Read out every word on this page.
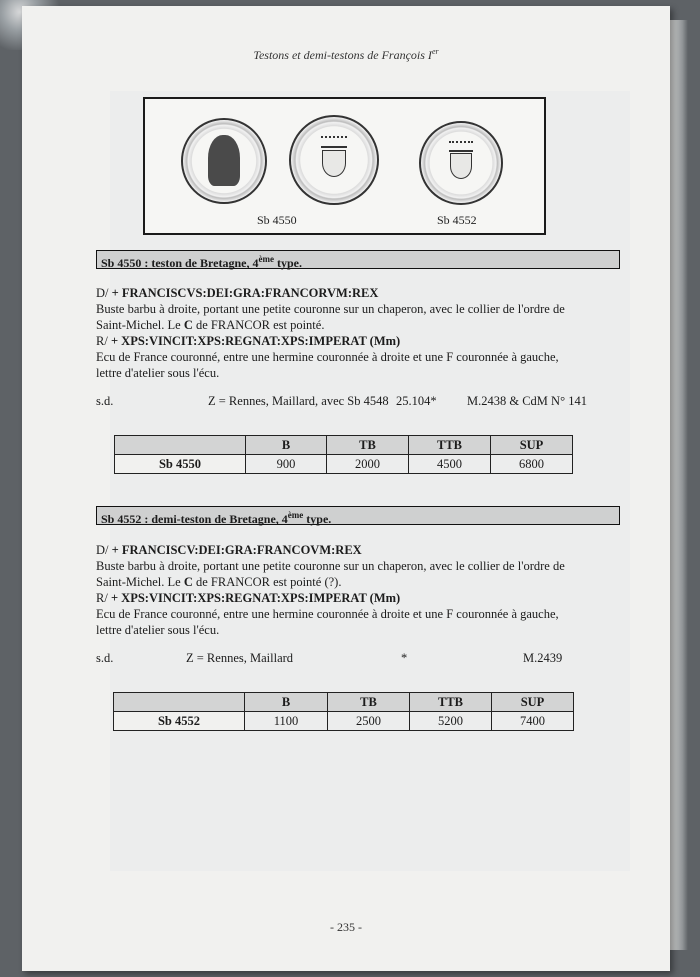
Testons et demi-testons de François Ier
Sb 4550	Sb 4552
Sb 4550 : teston de Bretagne, 4ème type.
D/ + FRANCISCVS:DEI:GRA:FRANCORVM:REX
Buste barbu à droite, portant une petite couronne sur un chaperon, avec le collier de l'ordre de
Saint-Michel. Le C de FRANCOR est pointé.
R/ + XPS:VINCIT:XPS:REGNAT:XPS:IMPERAT (Mm)
Ecu de France couronné, entre une hermine couronnée à droite et une F couronnée à gauche,
lettre d'atelier sous l'écu.
s.d.	Z = Rennes, Maillard, avec Sb 4548 25.104* M.2438 & CdM N° 141
	B	TB	TTB	SUP
Sb 4550	900	2000	4500	6800
Sb 4552 : demi-teston de Bretagne, 4ème type.
D/ + FRANCISCV:DEI:GRA:FRANCOVM:REX
Buste barbu à droite, portant une petite couronne sur un chaperon, avec le collier de l'ordre de
Saint-Michel. Le C de FRANCOR est pointé (?).
R/ + XPS:VINCIT:XPS:REGNAT:XPS:IMPERAT (Mm)
Ecu de France couronné, entre une hermine couronnée à droite et une F couronnée à gauche,
lettre d'atelier sous l'écu.
s.d.	Z = Rennes, Maillard	*	M.2439
	B	TB	TTB	SUP
Sb 4552	1100	2500	5200	7400
- 235 -
